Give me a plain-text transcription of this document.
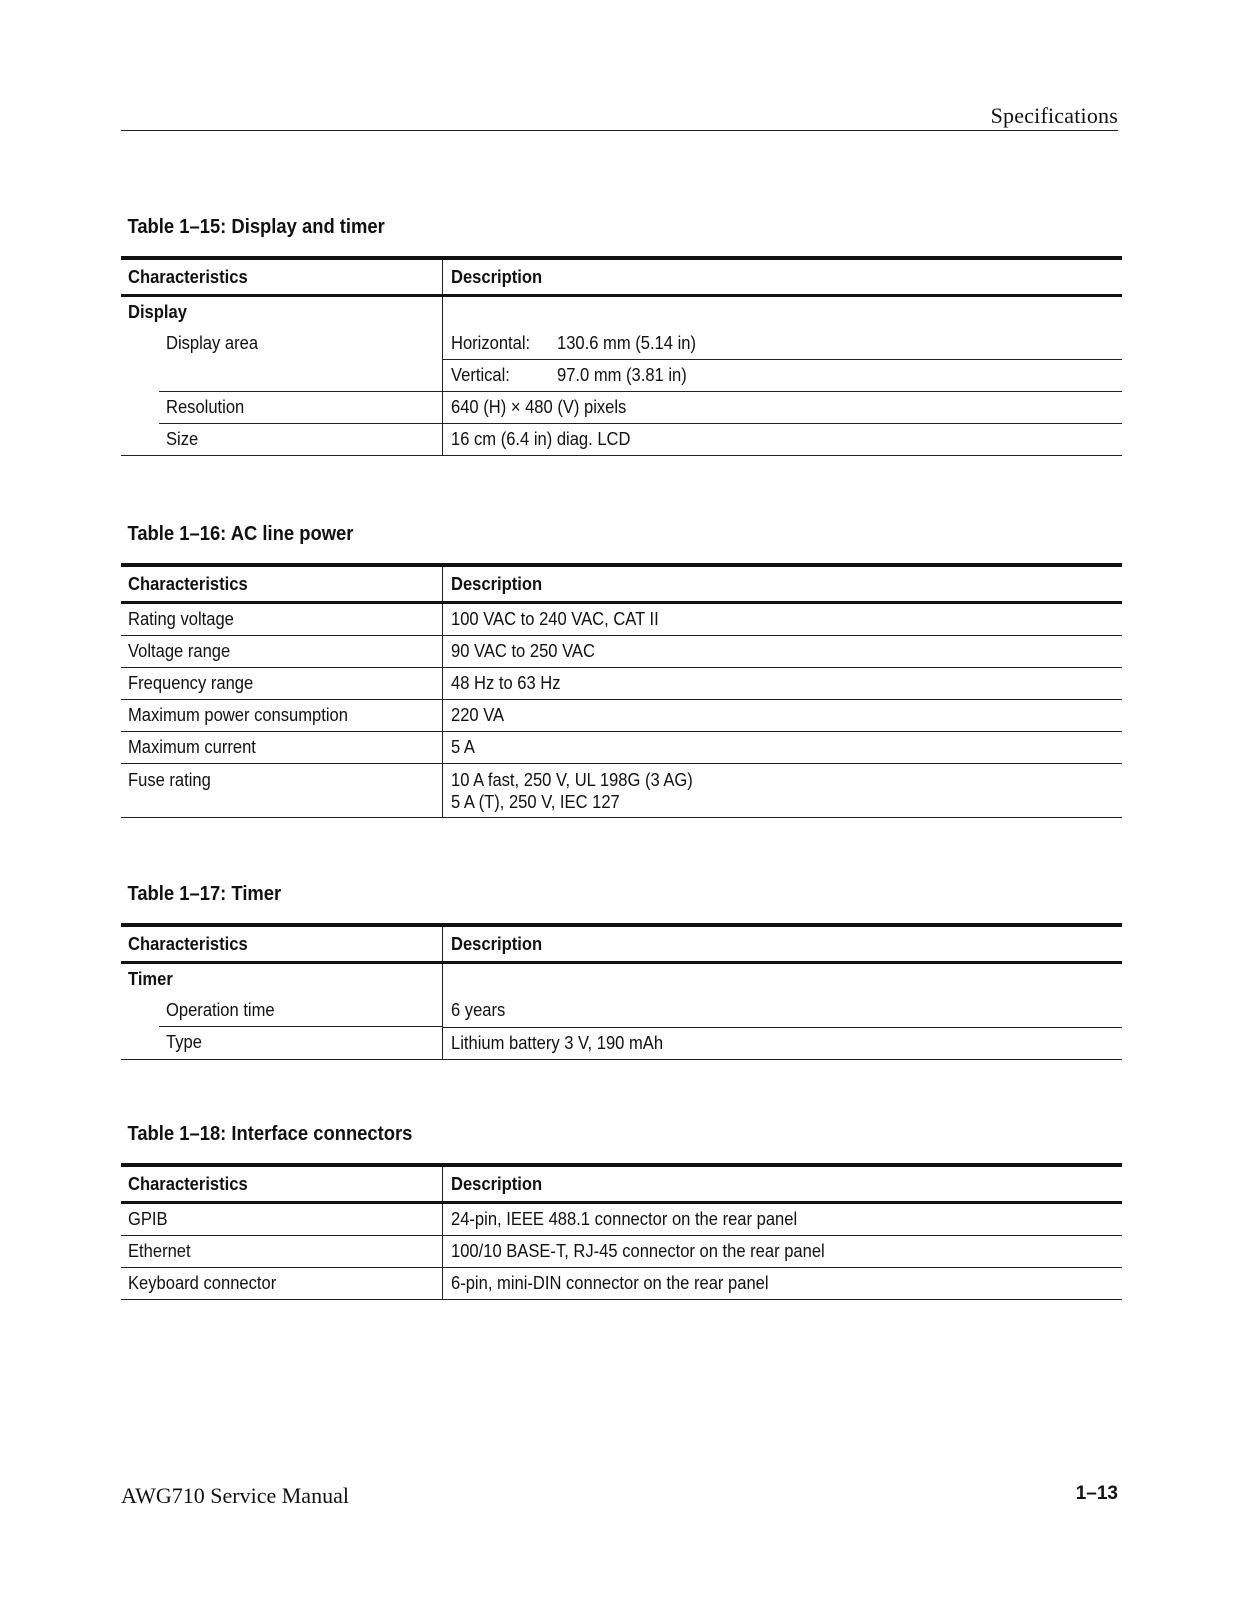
Specifications
Table 1–15: Display and timer
Characteristics	Description
Display	
Display area	Horizontal: 130.6 mm (5.14 in)

	Vertical: 97.0 mm (3.81 in)

Resolution	640 (H) × 480 (V) pixels
Size	16 cm (6.4 in) diag. LCD
Table 1–16: AC line power
Characteristics	Description
Rating voltage	100 VAC to 240 VAC, CAT II
Voltage range	90 VAC to 250 VAC
Frequency range	48 Hz to 63 Hz
Maximum power consumption	220 VA
Maximum current	5 A
Fuse rating	10 A fast, 250 V, UL 198G (3 AG)
5 A (T), 250 V, IEC 127
Table 1–17: Timer
Characteristics	Description
Timer	

Operation time	6 years
Type	Lithium battery 3 V, 190 mAh
Table 1–18: Interface connectors
Characteristics	Description
GPIB	24-pin, IEEE 488.1 connector on the rear panel
Ethernet	100/10 BASE-T, RJ-45 connector on the rear panel
Keyboard connector	6-pin, mini-DIN connector on the rear panel
AWG710 Service Manual	1–13
